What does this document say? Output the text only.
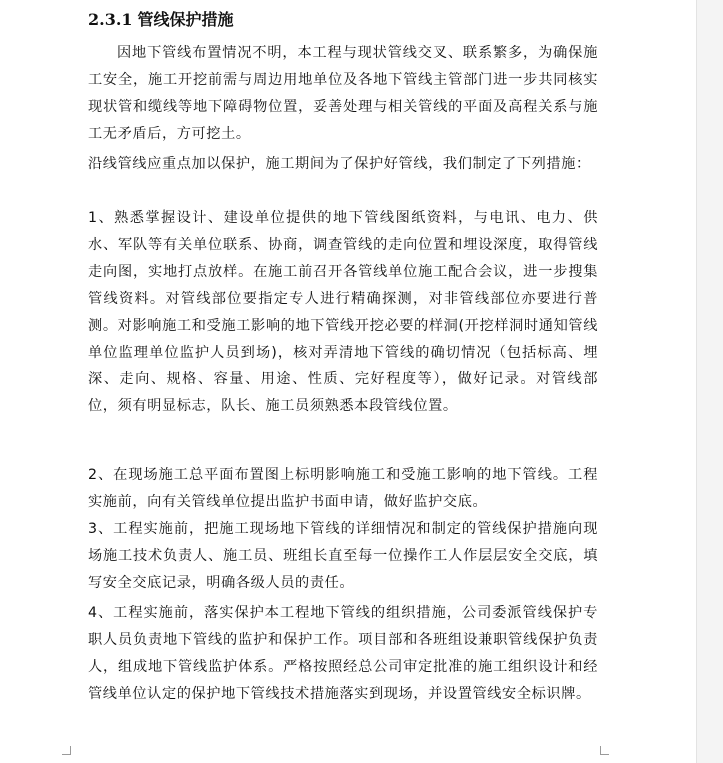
2.3.1 管线保护措施
因地下管线布置情况不明，本工程与现状管线交叉、联系繁多，为确保施工安全，施工开挖前需与周边用地单位及各地下管线主管部门进一步共同核实现状管和缆线等地下障碍物位置，妥善处理与相关管线的平面及高程关系与施工无矛盾后，方可挖土。
沿线管线应重点加以保护，施工期间为了保护好管线，我们制定了下列措施：
1、熟悉掌握设计、建设单位提供的地下管线图纸资料，与电讯、电力、供水、军队等有关单位联系、协商，调查管线的走向位置和埋设深度，取得管线走向图，实地打点放样。在施工前召开各管线单位施工配合会议，进一步搜集管线资料。对管线部位要指定专人进行精确探测，对非管线部位亦要进行普测。对影响施工和受施工影响的地下管线开挖必要的样洞(开挖样洞时通知管线单位监理单位监护人员到场)，核对弄清地下管线的确切情况（包括标高、埋深、走向、规格、容量、用途、性质、完好程度等），做好记录。对管线部位，须有明显标志，队长、施工员须熟悉本段管线位置。
2、在现场施工总平面布置图上标明影响施工和受施工影响的地下管线。工程实施前，向有关管线单位提出监护书面申请，做好监护交底。
3、工程实施前，把施工现场地下管线的详细情况和制定的管线保护措施向现场施工技术负责人、施工员、班组长直至每一位操作工人作层层安全交底，填写安全交底记录，明确各级人员的责任。
4、工程实施前，落实保护本工程地下管线的组织措施，公司委派管线保护专职人员负责地下管线的监护和保护工作。项目部和各班组设兼职管线保护负责人，组成地下管线监护体系。严格按照经总公司审定批准的施工组织设计和经管线单位认定的保护地下管线技术措施落实到现场，并设置管线安全标识牌。
